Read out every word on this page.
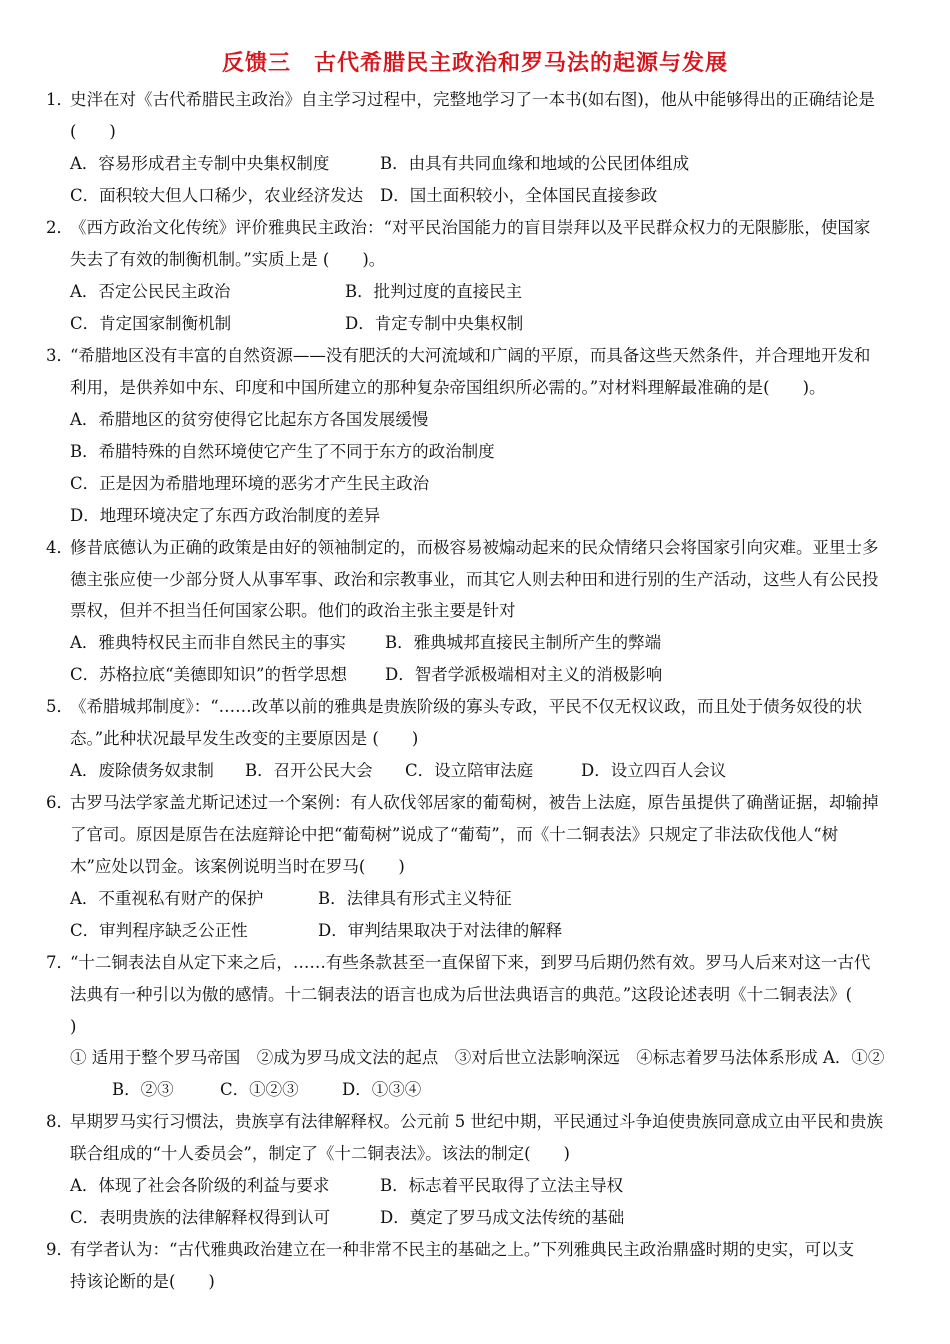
反馈三　古代希腊民主政治和罗马法的起源与发展
1．史泮在对《古代希腊民主政治》自主学习过程中，完整地学习了一本书(如右图)，他从中能够得出的正确结论是
(　　)
A．容易形成君主专制中央集权制度	B．由具有共同血缘和地域的公民团体组成
C．面积较大但人口稀少，农业经济发达 D．国土面积较小，全体国民直接参政
2．《西方政治文化传统》评价雅典民主政治：“对平民治国能力的盲目崇拜以及平民群众权力的无限膨胀，使国家
失去了有效的制衡机制。”实质上是 (　　)。
A．否定公民民主政治	B．批判过度的直接民主
C．肯定国家制衡机制	D．肯定专制中央集权制
3．“希腊地区没有丰富的自然资源——没有肥沃的大河流域和广阔的平原，而具备这些天然条件，并合理地开发和
利用，是供养如中东、印度和中国所建立的那种复杂帝国组织所必需的。”对材料理解最准确的是(　　)。
A．希腊地区的贫穷使得它比起东方各国发展缓慢
B．希腊特殊的自然环境使它产生了不同于东方的政治制度
C．正是因为希腊地理环境的恶劣才产生民主政治
D．地理环境决定了东西方政治制度的差异
4．修昔底德认为正确的政策是由好的领袖制定的，而极容易被煽动起来的民众情绪只会将国家引向灾难。亚里士多
德主张应使一少部分贤人从事军事、政治和宗教事业，而其它人则去种田和进行别的生产活动，这些人有公民投
票权，但并不担当任何国家公职。他们的政治主张主要是针对
A．雅典特权民主而非自然民主的事实 B．雅典城邦直接民主制所产生的弊端
C．苏格拉底“美德即知识”的哲学思想 D．智者学派极端相对主义的消极影响
5．《希腊城邦制度》：“……改革以前的雅典是贵族阶级的寡头专政，平民不仅无权议政，而且处于债务奴役的状
态。”此种状况最早发生改变的主要原因是 (　　)
A．废除债务奴隶制 B．召开公民大会 C．设立陪审法庭	D．设立四百人会议
6．古罗马法学家盖尤斯记述过一个案例：有人砍伐邻居家的葡萄树，被告上法庭，原告虽提供了确凿证据，却输掉
了官司。原因是原告在法庭辩论中把“葡萄树”说成了“葡萄”，而《十二铜表法》只规定了非法砍伐他人“树
木”应处以罚金。该案例说明当时在罗马(　　)
A．不重视私有财产的保护	B．法律具有形式主义特征
C．审判程序缺乏公正性	D．审判结果取决于对法律的解释
7．“十二铜表法自从定下来之后，……有些条款甚至一直保留下来，到罗马后期仍然有效。罗马人后来对这一古代
法典有一种引以为傲的感情。十二铜表法的语言也成为后世法典语言的典范。”这段论述表明《十二铜表法》(
)
① 适用于整个罗马帝国　②成为罗马成文法的起点　③对后世立法影响深远　④标志着罗马法体系形成 A．①②
B．②③	C．①②③	D．①③④
8．早期罗马实行习惯法，贵族享有法律解释权。公元前 5 世纪中期，平民通过斗争迫使贵族同意成立由平民和贵族
联合组成的“十人委员会”，制定了《十二铜表法》。该法的制定(　　)
A．体现了社会各阶级的利益与要求	B．标志着平民取得了立法主导权
C．表明贵族的法律解释权得到认可	D．奠定了罗马成文法传统的基础
9．有学者认为：“古代雅典政治建立在一种非常不民主的基础之上。”下列雅典民主政治鼎盛时期的史实，可以支
持该论断的是(　　)
